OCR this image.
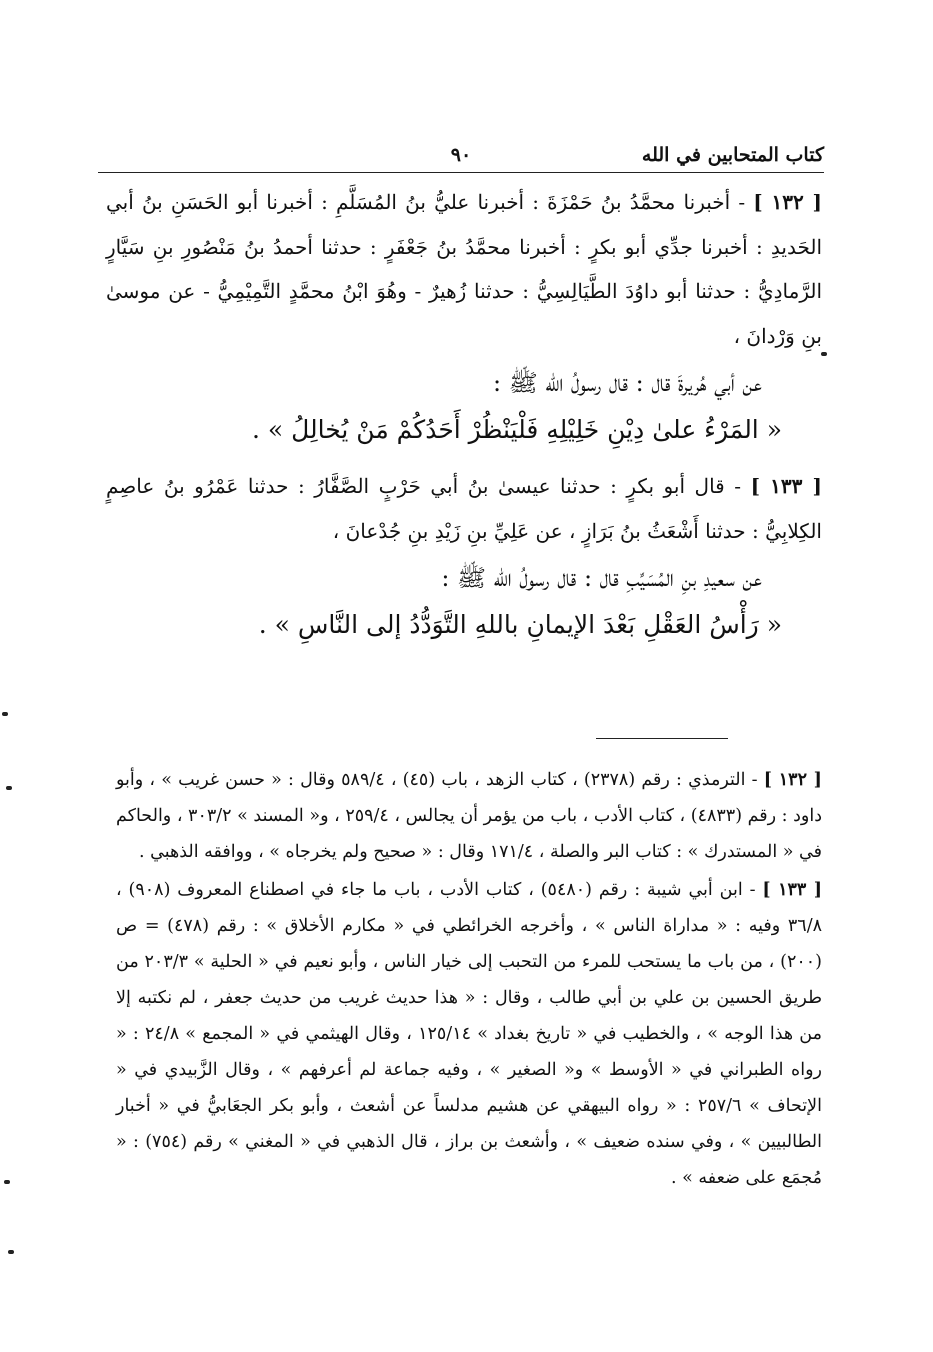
كتاب المتحابين في الله
٩٠

[ ١٣٢ ] - أخبرنا محمَّدُ بنُ حَمْزَةَ : أخبرنا عليُّ بنُ المُسَلَّمِ : أخبرنا أبو الحَسَنِ بنُ أبي الحَديدِ : أخبرنا جدِّي أبو بكرٍ : أخبرنا محمَّدُ بنُ جَعْفَرٍ : حدثنا أحمدُ بنُ مَنْصُورِ بنِ سَيَّارٍ الرَّمادِيُّ : حدثنا أبو داوُدَ الطَّيَالِسِيُّ : حدثنا زُهيرٌ - وهُوَ ابْنُ محمَّدٍ التَّمِيْمِيُّ - عن موسىٰ بنِ وَرْدانَ ،

عن أبي هُريرةَ قال : قال رسولُ الله ﷺ :

« المَرْءُ علىٰ دِيْنِ خَلِيْلِهِ فَلْيَنْظُرْ أَحَدُكُمْ مَنْ يُخالِلُ » .

[ ١٣٣ ] - قال أبو بكرٍ : حدثنا عيسىٰ بنُ أبي حَرْبٍ الصَّفَّارُ : حدثنا عَمْرُو بنُ عاصِمٍ الكِلابِيُّ : حدثنا أَشْعَثُ بنُ بَرَازٍ ، عن عَلِيِّ بنِ زَيْدِ بنِ جُدْعانَ ،

عن سعيدِ بنِ المُسَيِّبِ قال : قال رسولُ الله ﷺ :

« رَأْسُ العَقْلِ بَعْدَ الإيمانِ باللهِ التَّوَدُّدُ إلى النَّاسِ » .

[ ١٣٢ ] - الترمذي : رقم (٢٣٧٨) ، كتاب الزهد ، باب (٤٥) ، ٥٨٩/٤ وقال : « حسن غريب » ، وأبو داود : رقم (٤٨٣٣) ، كتاب الأدب ، باب من يؤمر أن يجالس ، ٢٥٩/٤ ، و« المسند » ٣٠٣/٢ ، والحاكم في « المستدرك » : كتاب البر والصلة ، ١٧١/٤ وقال : « صحيح ولم يخرجاه » ، ووافقه الذهبي .

[ ١٣٣ ] - ابن أبي شيبة : رقم (٥٤٨٠) ، كتاب الأدب ، باب ما جاء في اصطناع المعروف (٩٠٨) ، ٣٦/٨ وفيه : « مداراة الناس » ، وأخرجه الخرائطي في « مكارم الأخلاق » : رقم (٤٧٨) = ص (٢٠٠) ، من باب ما يستحب للمرء من التحبب إلى خيار الناس ، وأبو نعيم في « الحلية » ٢٠٣/٣ من طريق الحسين بن علي بن أبي طالب ، وقال : « هذا حديث غريب من حديث جعفر ، لم نكتبه إلا من هذا الوجه » ، والخطيب في « تاريخ بغداد » ١٢٥/١٤ ، وقال الهيثمي في « المجمع » ٢٤/٨ : « رواه الطبراني في « الأوسط » و« الصغير » ، وفيه جماعة لم أعرفهم » ، وقال الزَّبيدي في « الإتحاف » ٢٥٧/٦ : « رواه البيهقي عن هشيم مدلساً عن أشعث ، وأبو بكر الجعَابيُّ في « أخبار الطالبيين » ، وفي سنده ضعيف » ، وأشعث بن براز ، قال الذهبي في « المغني » رقم (٧٥٤) : « مُجمَع على ضعفه » .
